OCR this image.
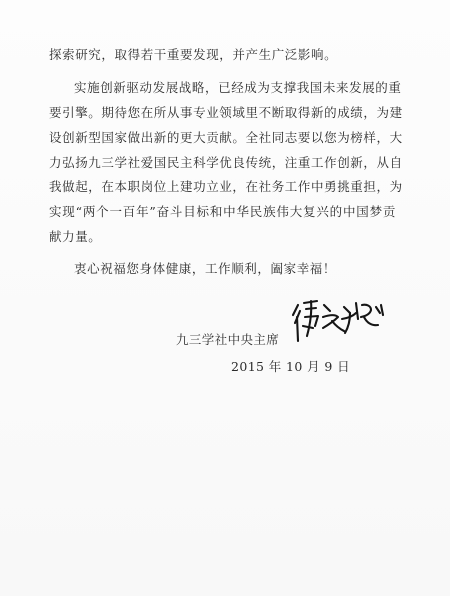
探索研究，取得若干重要发现，并产生广泛影响。
实施创新驱动发展战略，已经成为支撑我国未来发展的重
要引擎。期待您在所从事专业领域里不断取得新的成绩，为建
设创新型国家做出新的更大贡献。全社同志要以您为榜样，大
力弘扬九三学社爱国民主科学优良传统，注重工作创新，从自
我做起，在本职岗位上建功立业，在社务工作中勇挑重担，为
实现“两个一百年”奋斗目标和中华民族伟大复兴的中国梦贡
献力量。
衷心祝福您身体健康，工作顺利，阖家幸福！
九三学社中央主席
2015 年 10 月 9 日
